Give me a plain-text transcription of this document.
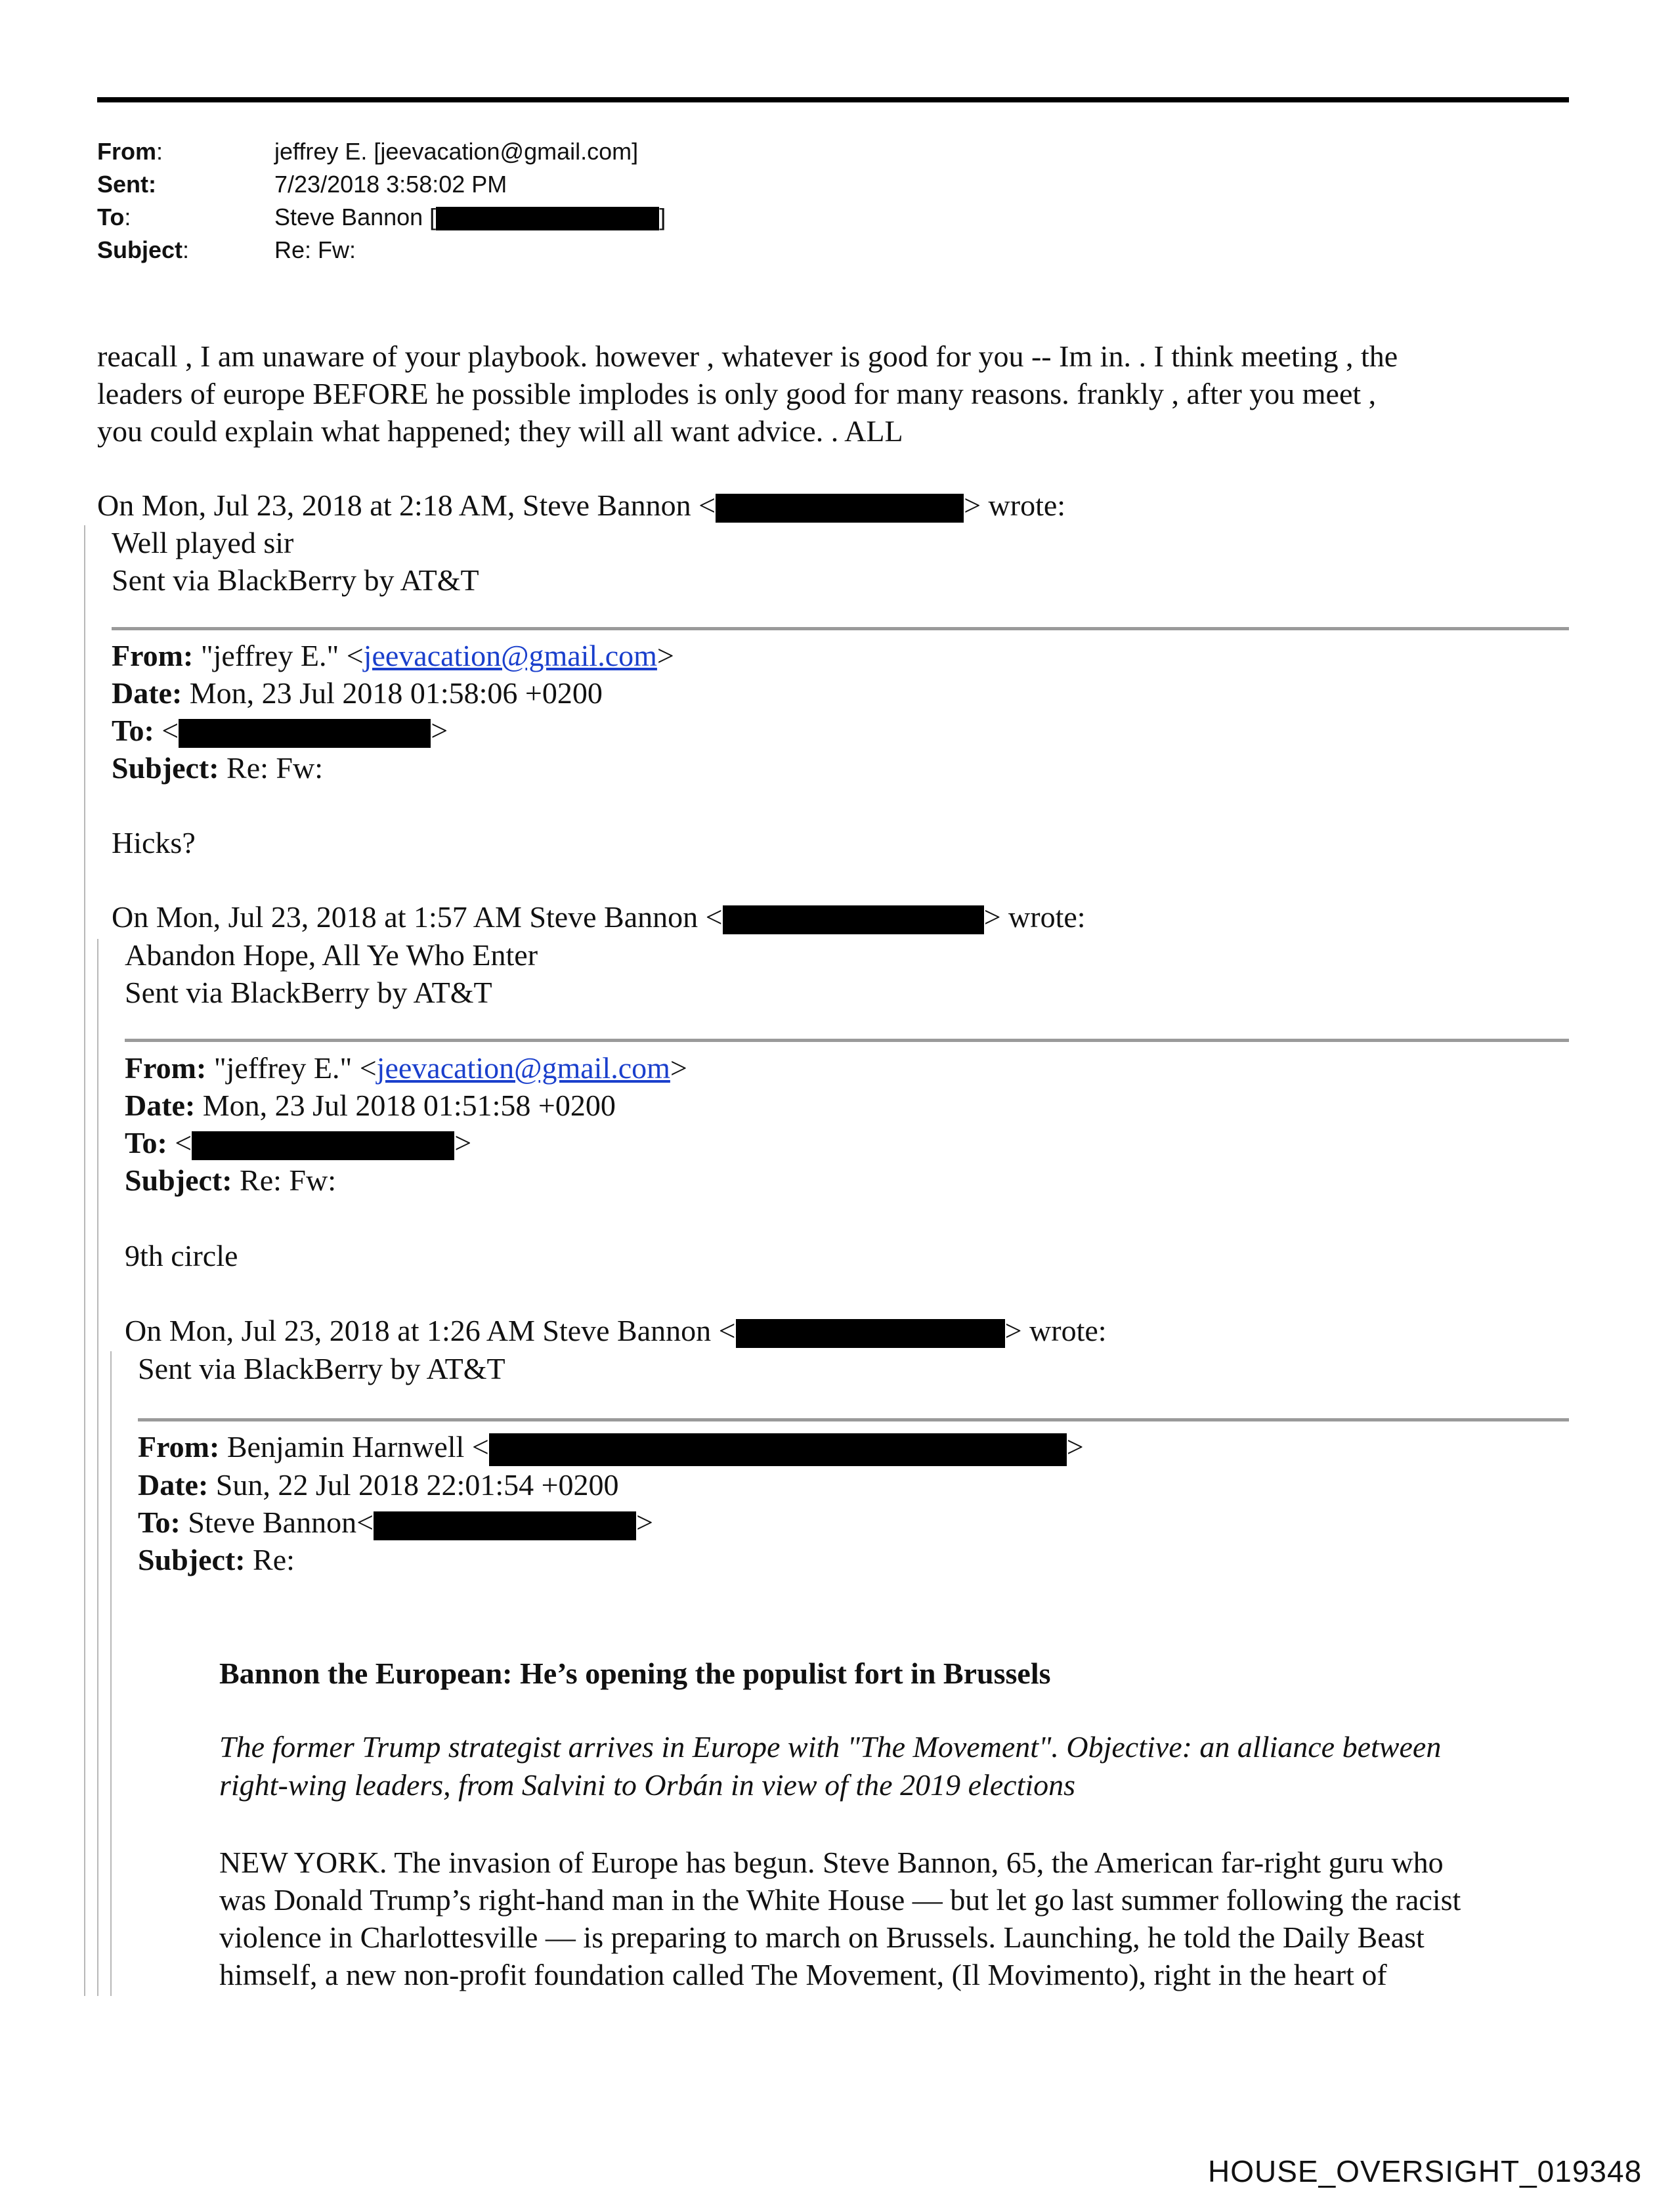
From:	jeffrey E. [jeevacation@gmail.com]
Sent:	7/23/2018 3:58:02 PM
To:	Steve Bannon [	]
Subject:	Re: Fw:
reacall , I am unaware of your playbook. however , whatever is good for you -- Im in. . I think meeting , the
leaders of europe BEFORE he possible implodes is only good for many reasons. frankly , after you meet ,
you could explain what happened; they will all want advice. . ALL
On Mon, Jul 23, 2018 at 2:18 AM, Steve Bannon <	> wrote:
Well played sir
Sent via BlackBerry by AT&T
From: "jeffrey E." <jeevacation@gmail.com>
Date: Mon, 23 Jul 2018 01:58:06 +0200
To: <	>
Subject: Re: Fw:
Hicks?
On Mon, Jul 23, 2018 at 1:57 AM Steve Bannon <	> wrote:
Abandon Hope, All Ye Who Enter
Sent via BlackBerry by AT&T
From: "jeffrey E." <jeevacation@gmail.com>
Date: Mon, 23 Jul 2018 01:51:58 +0200
To: <	>
Subject: Re: Fw:
9th circle
On Mon, Jul 23, 2018 at 1:26 AM Steve Bannon <	> wrote:
Sent via BlackBerry by AT&T
From: Benjamin Harnwell <	>
Date: Sun, 22 Jul 2018 22:01:54 +0200
To: Steve Bannon<	>
Subject: Re:
Bannon the European: He’s opening the populist fort in Brussels
The former Trump strategist arrives in Europe with "The Movement". Objective: an alliance between
right-wing leaders, from Salvini to Orbán in view of the 2019 elections
NEW YORK. The invasion of Europe has begun. Steve Bannon, 65, the American far-right guru who
was Donald Trump’s right-hand man in the White House — but let go last summer following the racist
violence in Charlottesville — is preparing to march on Brussels. Launching, he told the Daily Beast
himself, a new non-profit foundation called The Movement, (Il Movimento), right in the heart of
HOUSE_OVERSIGHT_019348
